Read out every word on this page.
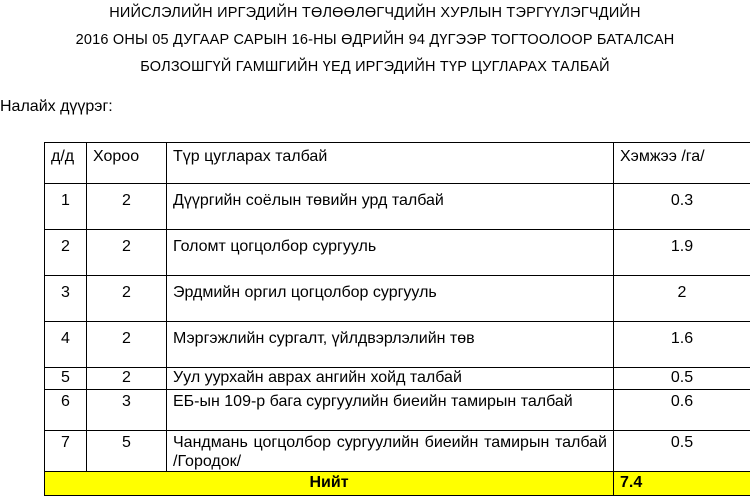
НИЙСЛЭЛИЙН ИРГЭДИЙН ТӨЛӨӨЛӨГЧДИЙН ХУРЛЫН ТЭРГҮҮЛЭГЧДИЙН
2016 ОНЫ 05 ДУГААР САРЫН 16-НЫ ӨДРИЙН 94 ДҮГЭЭР ТОГТООЛООР БАТАЛСАН
БОЛЗОШГҮЙ ГАМШГИЙН ҮЕД ИРГЭДИЙН ТҮР ЦУГЛАРАХ ТАЛБАЙ
Налайх дүүрэг:
д/д	Хороо	Түр цуглараx талбай	Хэмжээ /га/
1	2	Дүүргийн соёлын төвийн урд талбай	0.3
2	2	Голомт цогцолбор сургууль	1.9
3	2	Эрдмийн оргил цогцолбор сургууль	2
4	2	Мэргэжлийн сургалт, үйлдвэрлэлийн төв	1.6
5	2	Уул уурхайн аврах ангийн хойд талбай	0.5
6	3	ЕБ-ын 109-р бага сургуулийн биеийн тамирын талбай	0.6
7	5	Чандмань цогцолбор сургуулийн биеийн тамирын талбай /Городок/	0.5
Нийт			7.4
